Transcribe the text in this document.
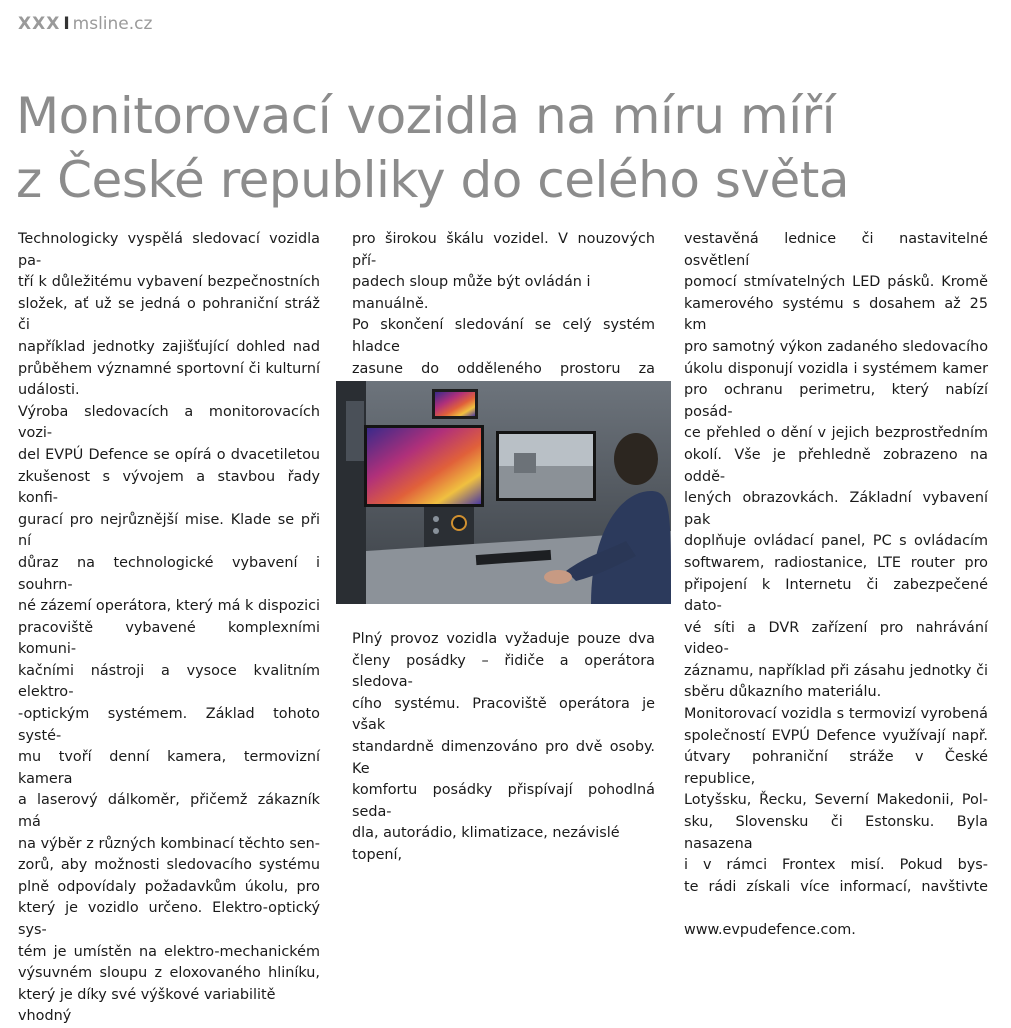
XXX I msline.cz
Monitorovací vozidla na míru míří
z České republiky do celého světa

Technologicky vyspělá sledovací vozidla pa-

tří k důležitému vybavení bezpečnostních

složek, ať už se jedná o pohraniční stráž či

například jednotky zajišťující dohled nad

průběhem významné sportovní či kulturní

události.

Výroba sledovacích a monitorovacích vozi-

del EVPÚ Defence se opírá o dvacetiletou

zkušenost s vývojem a stavbou řady konfi-

gurací pro nejrůznější mise. Klade se při ní

důraz na technologické vybavení i souhrn-

né zázemí operátora, který má k dispozici

pracoviště vybavené komplexními komuni-

kačními nástroji a vysoce kvalitním elektro-

-optickým systémem. Základ tohoto systé-

mu tvoří denní kamera, termovizní kamera

a laserový dálkoměr, přičemž zákazník má

na výběr z různých kombinací těchto sen-

zorů, aby možnosti sledovacího systému

plně odpovídaly požadavkům úkolu, pro

který je vozidlo určeno. Elektro-optický sys-

tém je umístěn na elektro-mechanickém

výsuvném sloupu z eloxovaného hliníku,

který je díky své výškové variabilitě vhodný

pro širokou škálu vozidel. V nouzových pří-

padech sloup může být ovládán i manuálně.

Po skončení sledování se celý systém hladce

zasune do odděleného prostoru za

Plný provoz vozidla vyžaduje pouze dva

členy posádky – řidiče a operátora sledova-

cího systému. Pracoviště operátora je však

standardně dimenzováno pro dvě osoby. Ke

komfortu posádky přispívají pohodlná seda-

dla, autorádio, klimatizace, nezávislé topení,

vestavěná lednice či nastavitelné osvětlení

pomocí stmívatelných LED pásků. Kromě

kamerového systému s dosahem až 25 km

pro samotný výkon zadaného sledovacího

úkolu disponují vozidla i systémem kamer

pro ochranu perimetru, který nabízí posád-

ce přehled o dění v jejich bezprostředním

okolí. Vše je přehledně zobrazeno na oddě-

lených obrazovkách. Základní vybavení pak

doplňuje ovládací panel, PC s ovládacím

softwarem, radiostanice, LTE router pro

připojení k Internetu či zabezpečené dato-

vé síti a DVR zařízení pro nahrávání video-

záznamu, například při zásahu jednotky či

sběru důkazního materiálu.

Monitorovací vozidla s termovizí vyrobená

společností EVPÚ Defence využívají např.

útvary pohraniční stráže v České republice,

Lotyšsku, Řecku, Severní Makedonii, Pol-

sku, Slovensku či Estonsku. Byla nasazena

i v rámci Frontex misí. Pokud bys-

te rádi získali více informací, navštivte

www.evpudefence.com.
